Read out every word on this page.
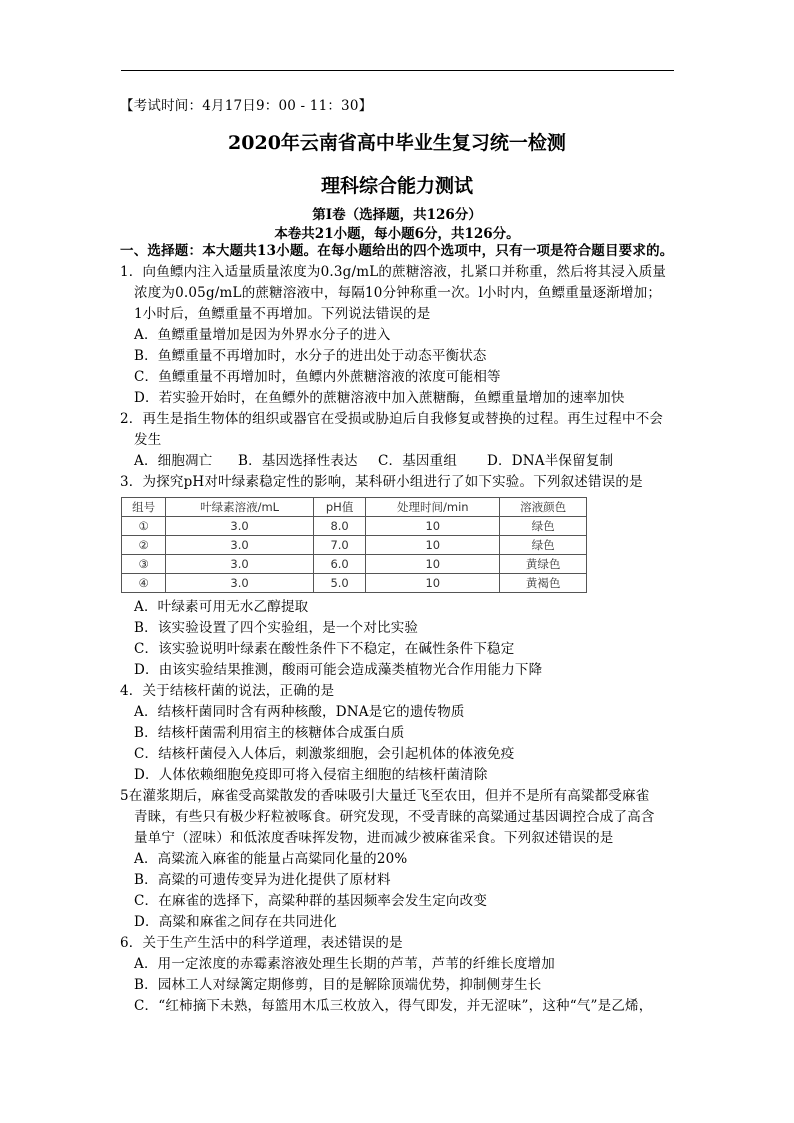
【考试时间：4月17日9：00 - 11：30】
2020年云南省高中毕业生复习统一检测
理科综合能力测试
第Ⅰ卷（选择题，共126分）
本卷共21小题，每小题6分，共126分。
一、选择题：本大题共13小题。在每小题给出的四个选项中，只有一项是符合题目要求的。
1．向鱼鳔内注入适量质量浓度为0.3g/mL的蔗糖溶液，扎紧口并称重，然后将其浸入质量
浓度为0.05g/mL的蔗糖溶液中，每隔10分钟称重一次。l小时内，鱼鳔重量逐渐增加；
1小时后，鱼鳔重量不再增加。下列说法错误的是
A．鱼鳔重量增加是因为外界水分子的进入
B．鱼鳔重量不再增加时，水分子的进出处于动态平衡状态
C．鱼鳔重量不再增加时，鱼鳔内外蔗糖溶液的浓度可能相等
D．若实验开始时，在鱼鳔外的蔗糖溶液中加入蔗糖酶，鱼鳔重量增加的速率加快
2．再生是指生物体的组织或器官在受损或胁迫后自我修复或替换的过程。再生过程中不会
发生
A．细胞凋亡 B．基因选择性表达 C．基因重组 D．DNA半保留复制
3．为探究pH对叶绿素稳定性的影响，某科研小组进行了如下实验。下列叙述错误的是
组号	叶绿素溶液/mL	pH值	处理时间/min	溶液颜色
①	3.0	8.0	10	绿色
②	3.0	7.0	10	绿色
③	3.0	6.0	10	黄绿色
④	3.0	5.0	10	黄褐色
A．叶绿素可用无水乙醇提取
B．该实验设置了四个实验组，是一个对比实验
C．该实验说明叶绿素在酸性条件下不稳定，在碱性条件下稳定
D．由该实验结果推测，酸雨可能会造成藻类植物光合作用能力下降
4．关于结核杆菌的说法，正确的是
A．结核杆菌同时含有两种核酸，DNA是它的遗传物质
B．结核杆菌需利用宿主的核糖体合成蛋白质
C．结核杆菌侵入人体后，刺激浆细胞，会引起机体的体液免疫
D．人体依赖细胞免疫即可将入侵宿主细胞的结核杆菌清除
5在灌浆期后，麻雀受高粱散发的香味吸引大量迁飞至农田，但并不是所有高粱都受麻雀
青睐，有些只有极少籽粒被啄食。研究发现，不受青睐的高粱通过基因调控合成了高含
量单宁（涩味）和低浓度香味挥发物，进而减少被麻雀采食。下列叙述错误的是
A．高粱流入麻雀的能量占高粱同化量的20%
B．高粱的可遗传变异为进化提供了原材料
C．在麻雀的选择下，高粱种群的基因频率会发生定向改变
D．高粱和麻雀之间存在共同进化
6．关于生产生活中的科学道理，表述错误的是
A．用一定浓度的赤霉素溶液处理生长期的芦苇，芦苇的纤维长度增加
B．园林工人对绿篱定期修剪，目的是解除顶端优势，抑制侧芽生长
C．“红柿摘下未熟，每篮用木瓜三枚放入，得气即发，并无涩味”，这种“气”是乙烯，
